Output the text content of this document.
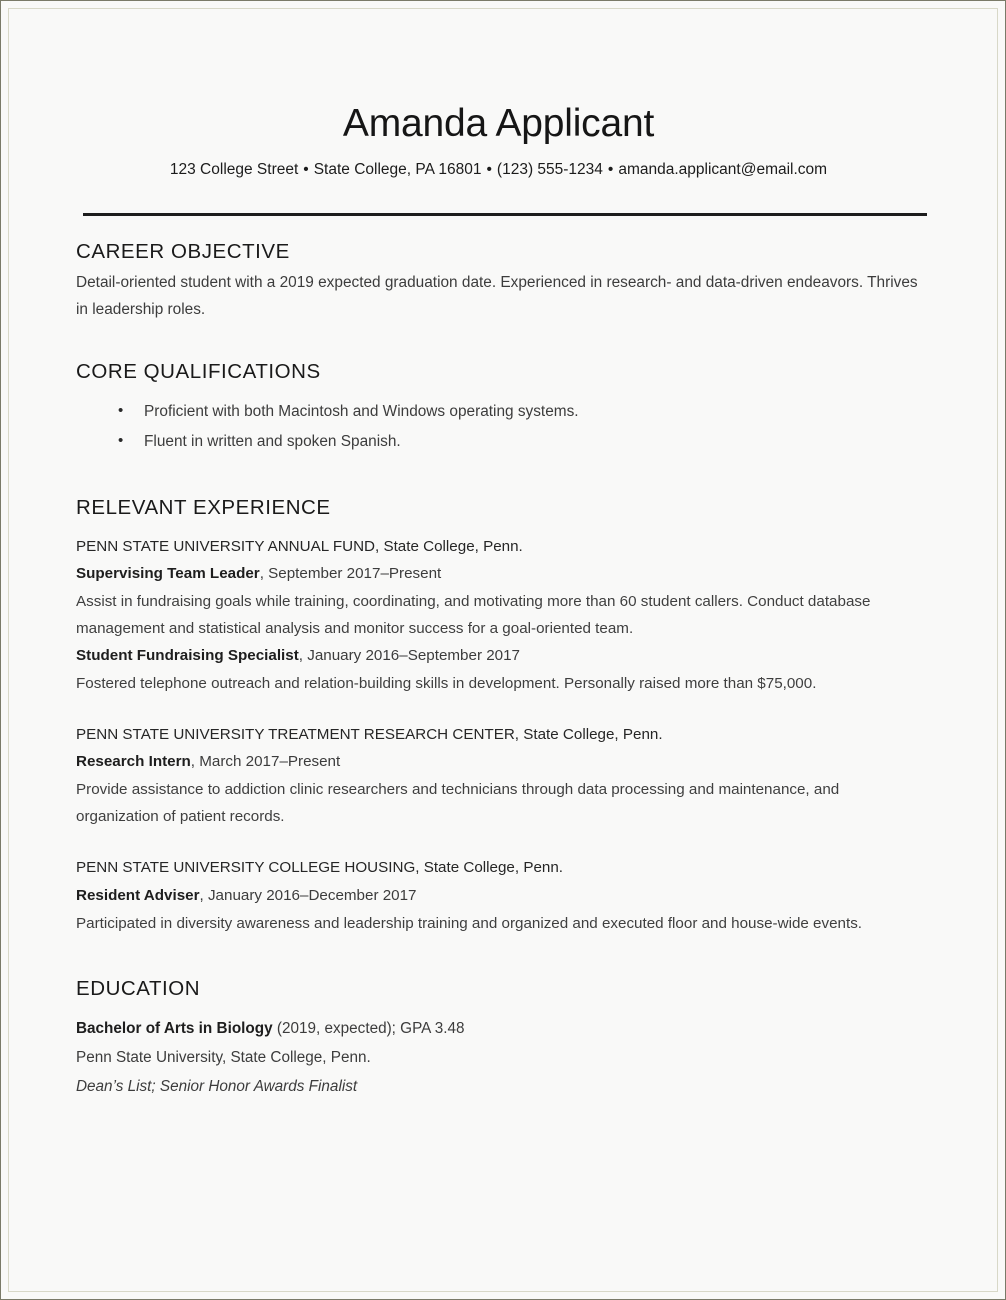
Amanda Applicant
123 College Street • State College, PA 16801 • (123) 555-1234 • amanda.applicant@email.com
CAREER OBJECTIVE

Detail-oriented student with a 2019 expected graduation date. Experienced in research- and data-driven endeavors. Thrives in leadership roles.

CORE QUALIFICATIONS
• Proficient with both Macintosh and Windows operating systems.
• Fluent in written and spoken Spanish.
RELEVANT EXPERIENCE
PENN STATE UNIVERSITY ANNUAL FUND, State College, Penn.
Supervising Team Leader, September 2017–Present
Assist in fundraising goals while training, coordinating, and motivating more than 60 student callers. Conduct database management and statistical analysis and monitor success for a goal-oriented team.
Student Fundraising Specialist, January 2016–September 2017
Fostered telephone outreach and relation-building skills in development. Personally raised more than $75,000.
PENN STATE UNIVERSITY TREATMENT RESEARCH CENTER, State College, Penn.
Research Intern, March 2017–Present
Provide assistance to addiction clinic researchers and technicians through data processing and maintenance, and organization of patient records.
PENN STATE UNIVERSITY COLLEGE HOUSING, State College, Penn.
Resident Adviser, January 2016–December 2017
Participated in diversity awareness and leadership training and organized and executed floor and house-wide events.
EDUCATION
Bachelor of Arts in Biology (2019, expected); GPA 3.48
Penn State University, State College, Penn.
Dean’s List; Senior Honor Awards Finalist
